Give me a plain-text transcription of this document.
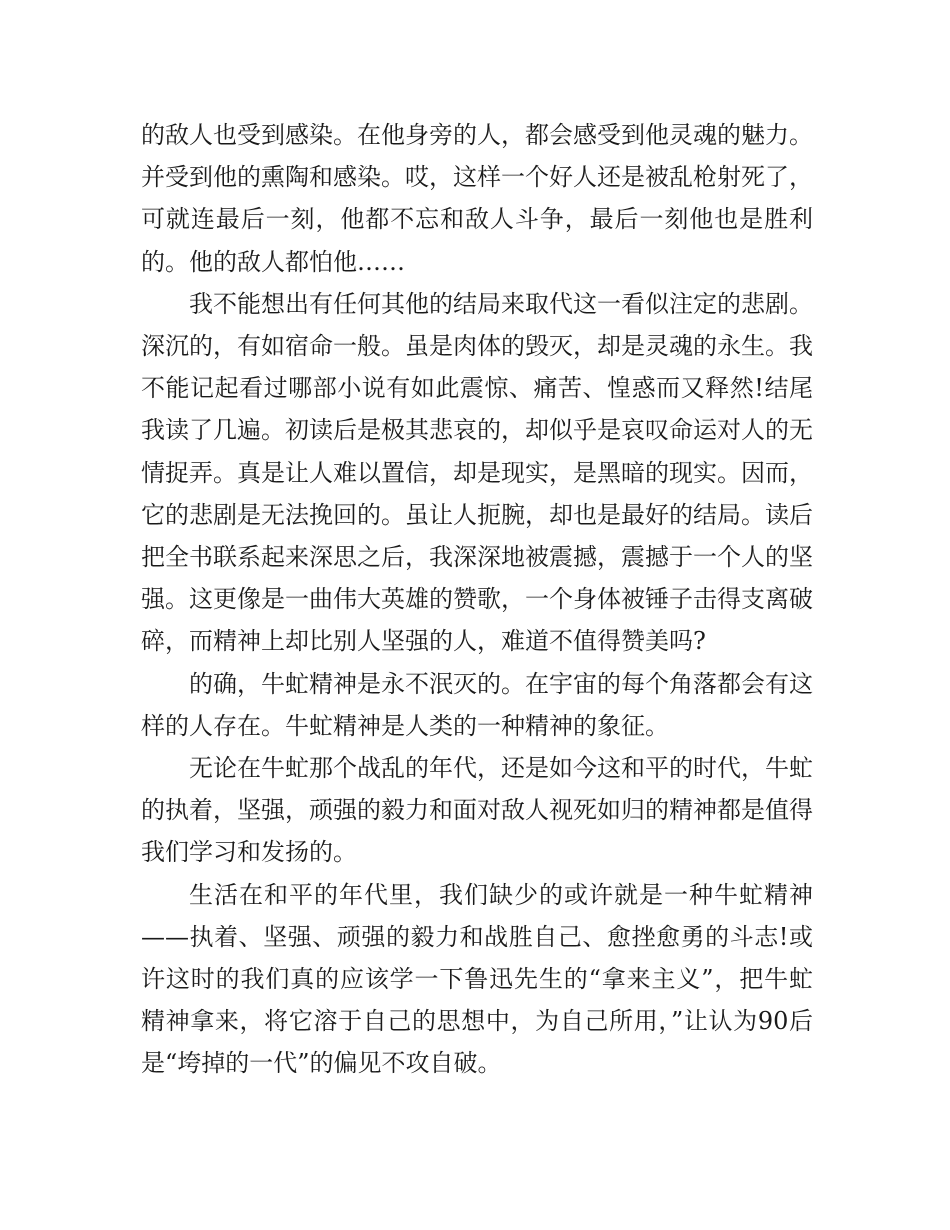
的敌人也受到感染。在他身旁的人，都会感受到他灵魂的魅力。并受到他的熏陶和感染。哎，这样一个好人还是被乱枪射死了，可就连最后一刻，他都不忘和敌人斗争，最后一刻他也是胜利的。他的敌人都怕他……

我不能想出有任何其他的结局来取代这一看似注定的悲剧。深沉的，有如宿命一般。虽是肉体的毁灭，却是灵魂的永生。我不能记起看过哪部小说有如此震惊、痛苦、惶惑而又释然!结尾我读了几遍。初读后是极其悲哀的，却似乎是哀叹命运对人的无情捉弄。真是让人难以置信，却是现实，是黑暗的现实。因而，它的悲剧是无法挽回的。虽让人扼腕，却也是最好的结局。读后把全书联系起来深思之后，我深深地被震撼，震撼于一个人的坚强。这更像是一曲伟大英雄的赞歌，一个身体被锤子击得支离破碎，而精神上却比别人坚强的人，难道不值得赞美吗?

的确，牛虻精神是永不泯灭的。在宇宙的每个角落都会有这样的人存在。牛虻精神是人类的一种精神的象征。

无论在牛虻那个战乱的年代，还是如今这和平的时代，牛虻的执着，坚强，顽强的毅力和面对敌人视死如归的精神都是值得我们学习和发扬的。

生活在和平的年代里，我们缺少的或许就是一种牛虻精神——执着、坚强、顽强的毅力和战胜自己、愈挫愈勇的斗志!或许这时的我们真的应该学一下鲁迅先生的“拿来主义”，把牛虻精神拿来，将它溶于自己的思想中，为自己所用，”让认为90后是“垮掉的一代”的偏见不攻自破。
